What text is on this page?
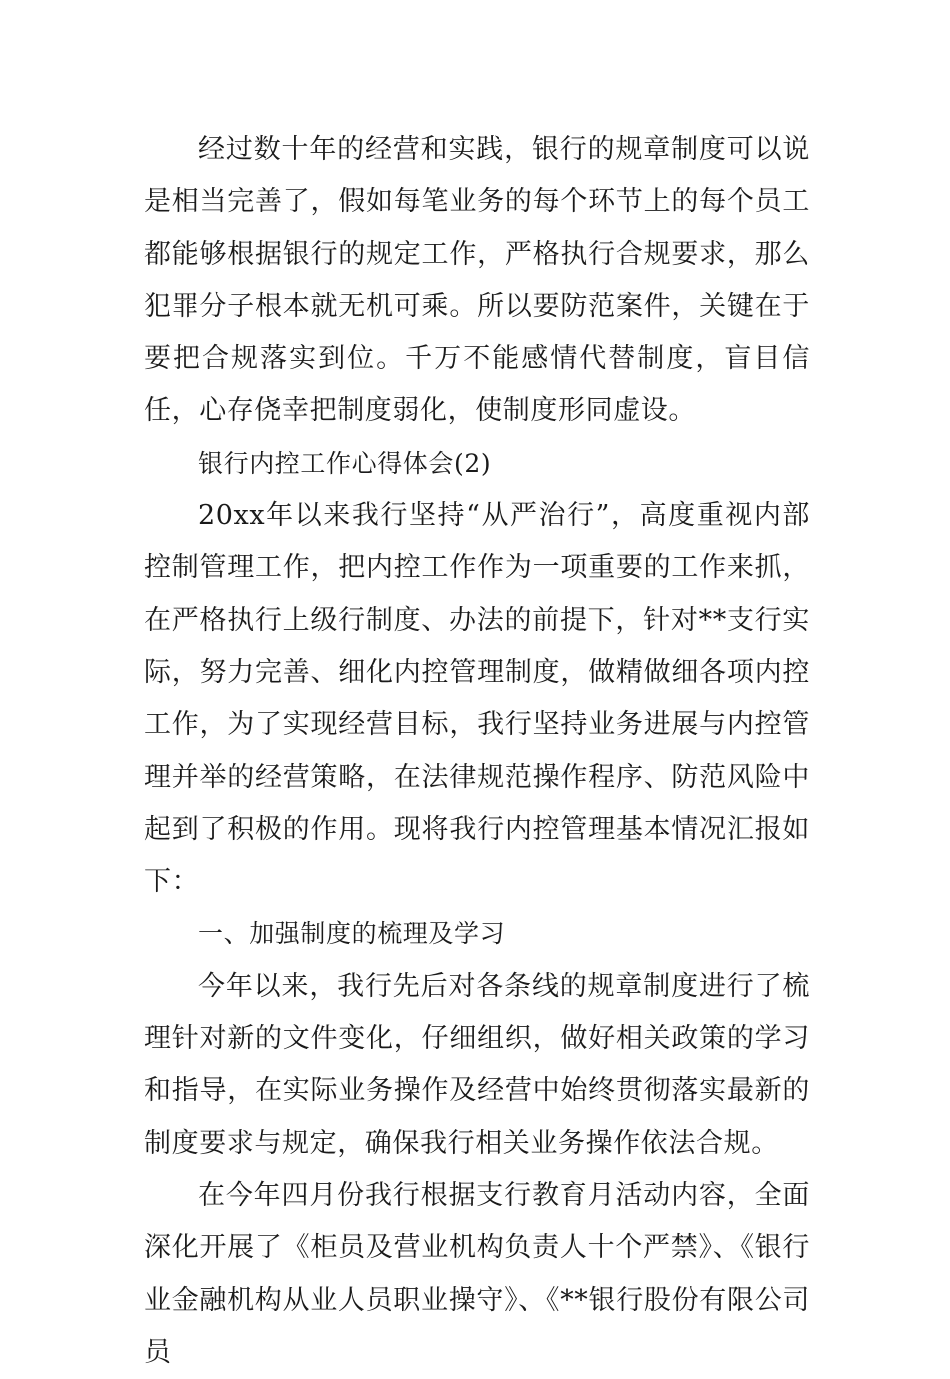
经过数十年的经营和实践，银行的规章制度可以说是相当完善了，假如每笔业务的每个环节上的每个员工都能够根据银行的规定工作，严格执行合规要求，那么犯罪分子根本就无机可乘。所以要防范案件，关键在于要把合规落实到位。千万不能感情代替制度，盲目信任，心存侥幸把制度弱化，使制度形同虚设。

银行内控工作心得体会(2)

20xx年以来我行坚持“从严治行”，高度重视内部控制管理工作，把内控工作作为一项重要的工作来抓，在严格执行上级行制度、办法的前提下，针对**支行实际，努力完善、细化内控管理制度，做精做细各项内控工作，为了实现经营目标，我行坚持业务进展与内控管理并举的经营策略，在法律规范操作程序、防范风险中起到了积极的作用。现将我行内控管理基本情况汇报如下：

一、加强制度的梳理及学习

今年以来，我行先后对各条线的规章制度进行了梳理针对新的文件变化，仔细组织，做好相关政策的学习和指导，在实际业务操作及经营中始终贯彻落实最新的制度要求与规定，确保我行相关业务操作依法合规。

在今年四月份我行根据支行教育月活动内容，全面深化开展了《柜员及营业机构负责人十个严禁》、《银行业金融机构从业人员职业操守》、《**银行股份有限公司员
